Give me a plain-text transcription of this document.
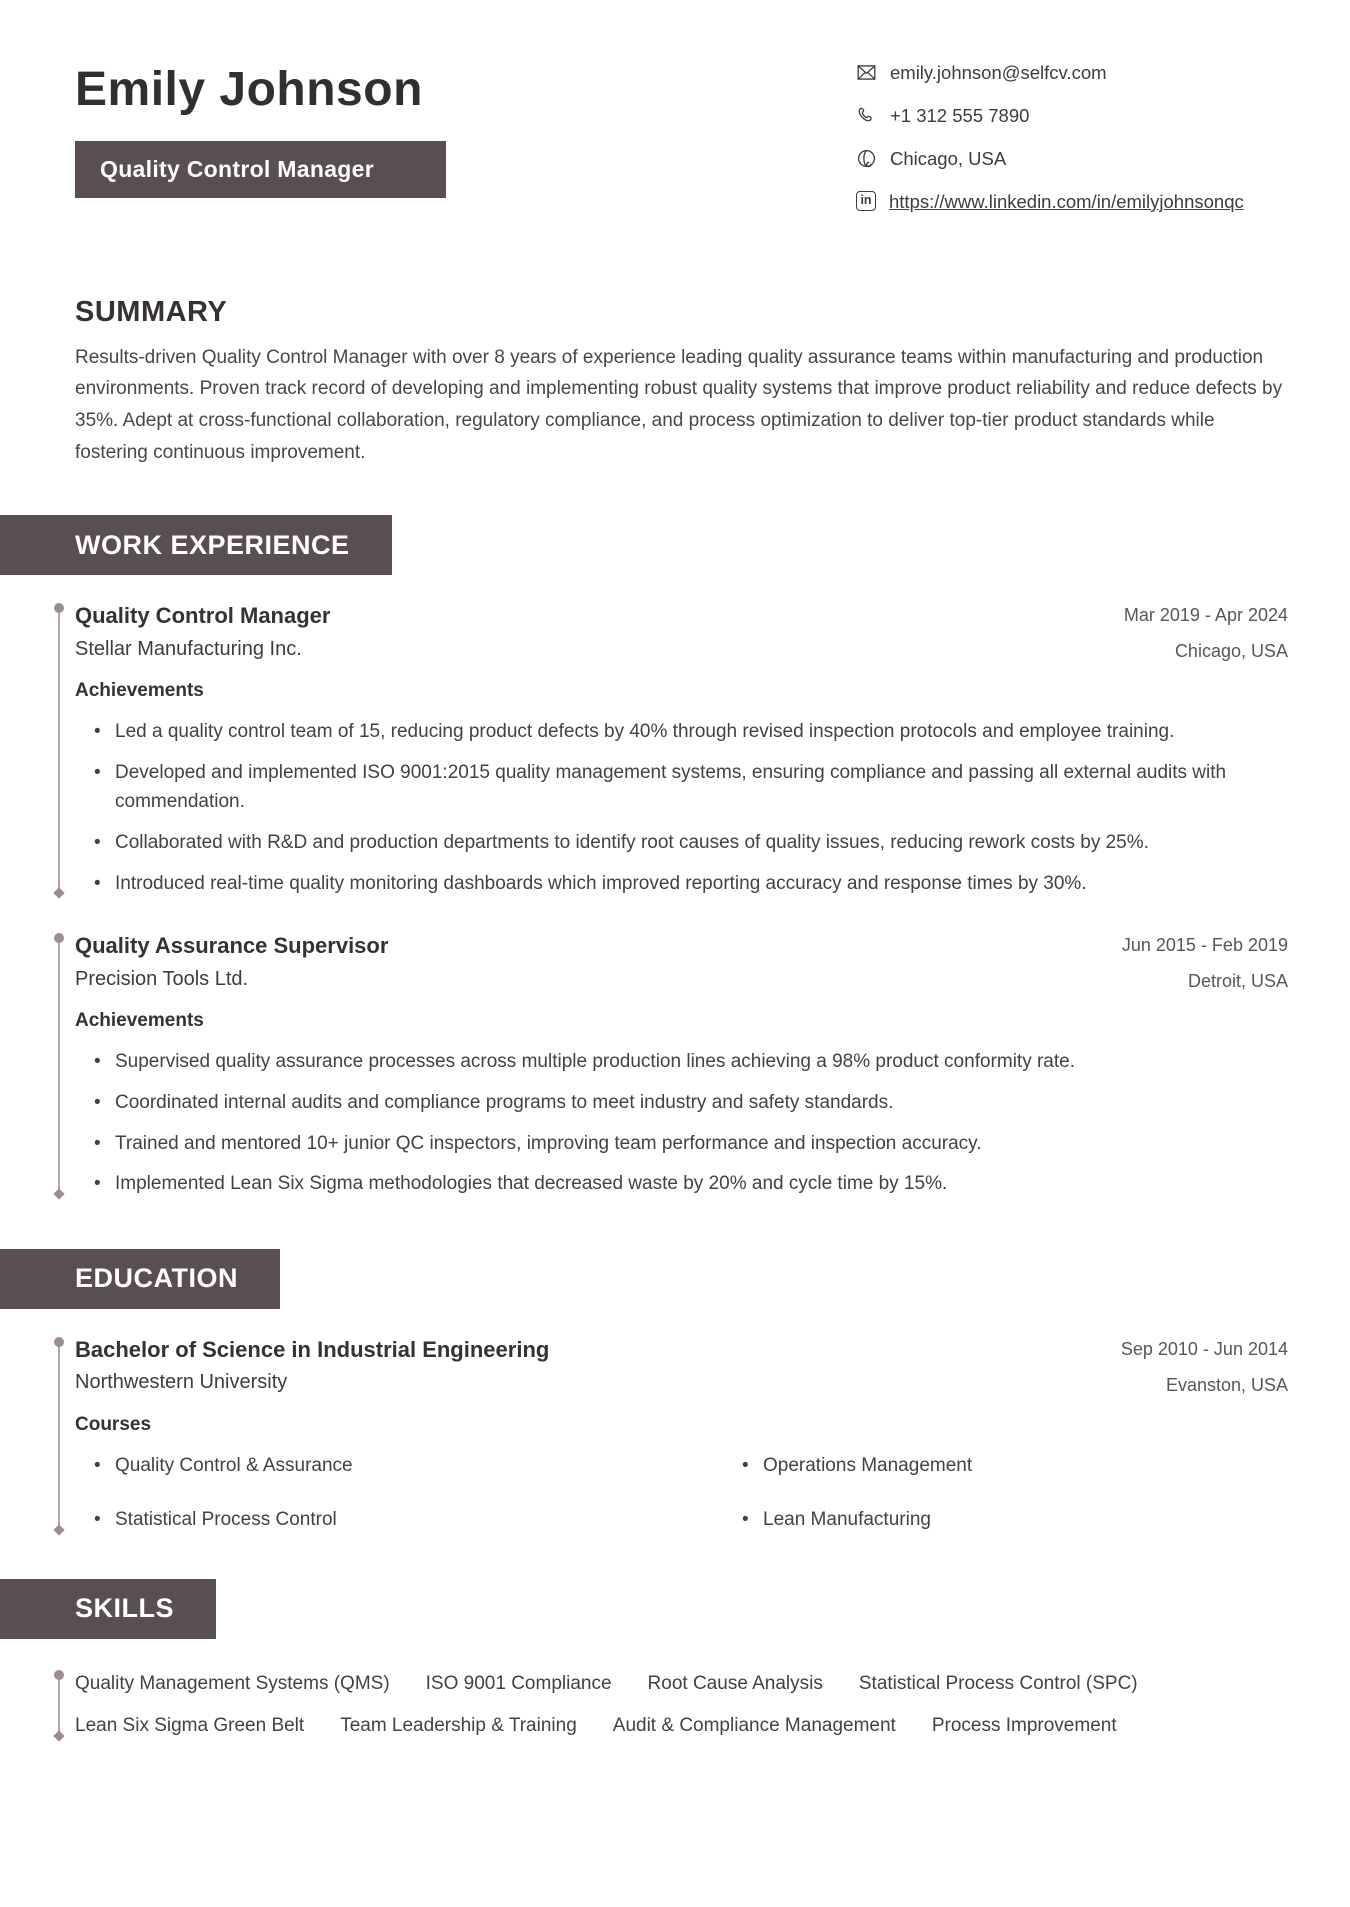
Emily Johnson
Quality Control Manager
emily.johnson@selfcv.com
+1 312 555 7890
Chicago, USA
in https://www.linkedin.com/in/emilyjohnsonqc
SUMMARY

Results-driven Quality Control Manager with over 8 years of experience leading quality assurance teams within manufacturing and production environments. Proven track record of developing and implementing robust quality systems that improve product reliability and reduce defects by 35%. Adept at cross-functional collaboration, regulatory compliance, and process optimization to deliver top-tier product standards while fostering continuous improvement.

WORK EXPERIENCE
Quality Control Manager
Stellar Manufacturing Inc.
Mar 2019 - Apr 2024
Chicago, USA
Achievements
• Led a quality control team of 15, reducing product defects by 40% through revised inspection protocols and employee training.
• Developed and implemented ISO 9001:2015 quality management systems, ensuring compliance and passing all external audits with commendation.
• Collaborated with R&D and production departments to identify root causes of quality issues, reducing rework costs by 25%.
• Introduced real-time quality monitoring dashboards which improved reporting accuracy and response times by 30%.
Quality Assurance Supervisor
Precision Tools Ltd.
Jun 2015 - Feb 2019
Detroit, USA
Achievements
• Supervised quality assurance processes across multiple production lines achieving a 98% product conformity rate.
• Coordinated internal audits and compliance programs to meet industry and safety standards.
• Trained and mentored 10+ junior QC inspectors, improving team performance and inspection accuracy.
• Implemented Lean Six Sigma methodologies that decreased waste by 20% and cycle time by 15%.
EDUCATION
Bachelor of Science in Industrial Engineering
Northwestern University
Sep 2010 - Jun 2014
Evanston, USA
Courses
• Quality Control & Assurance	• Operations Management
• Statistical Process Control	• Lean Manufacturing
SKILLS
Quality Management Systems (QMS) ISO 9001 Compliance Root Cause Analysis Statistical Process Control (SPC)
Lean Six Sigma Green Belt Team Leadership & Training Audit & Compliance Management Process Improvement
